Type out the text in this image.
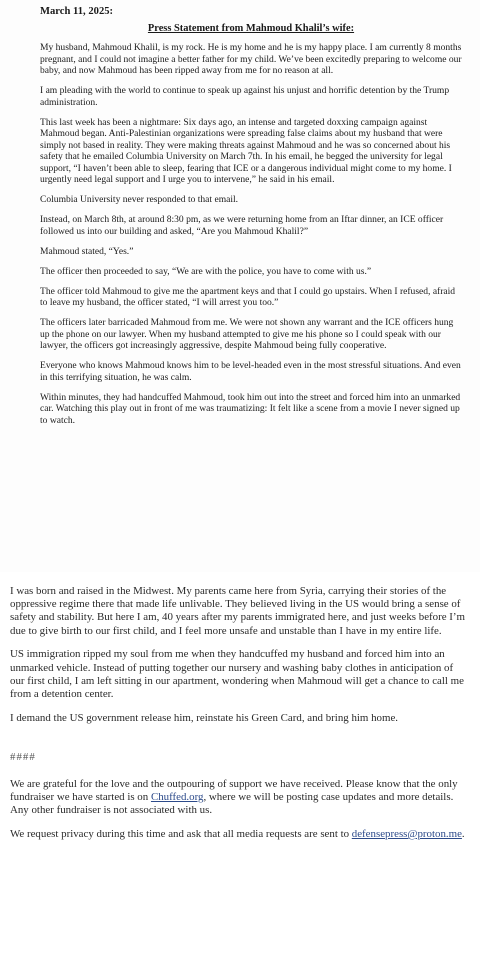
March 11, 2025:
Press Statement from Mahmoud Khalil’s wife:

My husband, Mahmoud Khalil, is my rock. He is my home and he is my happy place. I am currently 8 months pregnant, and I could not imagine a better father for my child. We’ve been excitedly preparing to welcome our baby, and now Mahmoud has been ripped away from me for no reason at all.

I am pleading with the world to continue to speak up against his unjust and horrific detention by the Trump administration.

This last week has been a nightmare: Six days ago, an intense and targeted doxxing campaign against Mahmoud began. Anti-Palestinian organizations were spreading false claims about my husband that were simply not based in reality. They were making threats against Mahmoud and he was so concerned about his safety that he emailed Columbia University on March 7th. In his email, he begged the university for legal support, “I haven’t been able to sleep, fearing that ICE or a dangerous individual might come to my home. I urgently need legal support and I urge you to intervene,” he said in his email.

Columbia University never responded to that email.

Instead, on March 8th, at around 8:30 pm, as we were returning home from an Iftar dinner, an ICE officer followed us into our building and asked, “Are you Mahmoud Khalil?”

Mahmoud stated, “Yes.”

The officer then proceeded to say, “We are with the police, you have to come with us.”

The officer told Mahmoud to give me the apartment keys and that I could go upstairs. When I refused, afraid to leave my husband, the officer stated, “I will arrest you too.”

The officers later barricaded Mahmoud from me. We were not shown any warrant and the ICE officers hung up the phone on our lawyer. When my husband attempted to give me his phone so I could speak with our lawyer, the officers got increasingly aggressive, despite Mahmoud being fully cooperative.

Everyone who knows Mahmoud knows him to be level-headed even in the most stressful situations. And even in this terrifying situation, he was calm.

Within minutes, they had handcuffed Mahmoud, took him out into the street and forced him into an unmarked car. Watching this play out in front of me was traumatizing: It felt like a scene from a movie I never signed up to watch.

I was born and raised in the Midwest. My parents came here from Syria, carrying their stories of the oppressive regime there that made life unlivable. They believed living in the US would bring a sense of safety and stability. But here I am, 40 years after my parents immigrated here, and just weeks before I’m due to give birth to our first child, and I feel more unsafe and unstable than I have in my entire life.

US immigration ripped my soul from me when they handcuffed my husband and forced him into an unmarked vehicle. Instead of putting together our nursery and washing baby clothes in anticipation of our first child, I am left sitting in our apartment, wondering when Mahmoud will get a chance to call me from a detention center.

I demand the US government release him, reinstate his Green Card, and bring him home.

####

We are grateful for the love and the outpouring of support we have received. Please know that the only fundraiser we have started is on Chuffed.org, where we will be posting case updates and more details. Any other fundraiser is not associated with us.

We request privacy during this time and ask that all media requests are sent to defensepress@proton.me.
